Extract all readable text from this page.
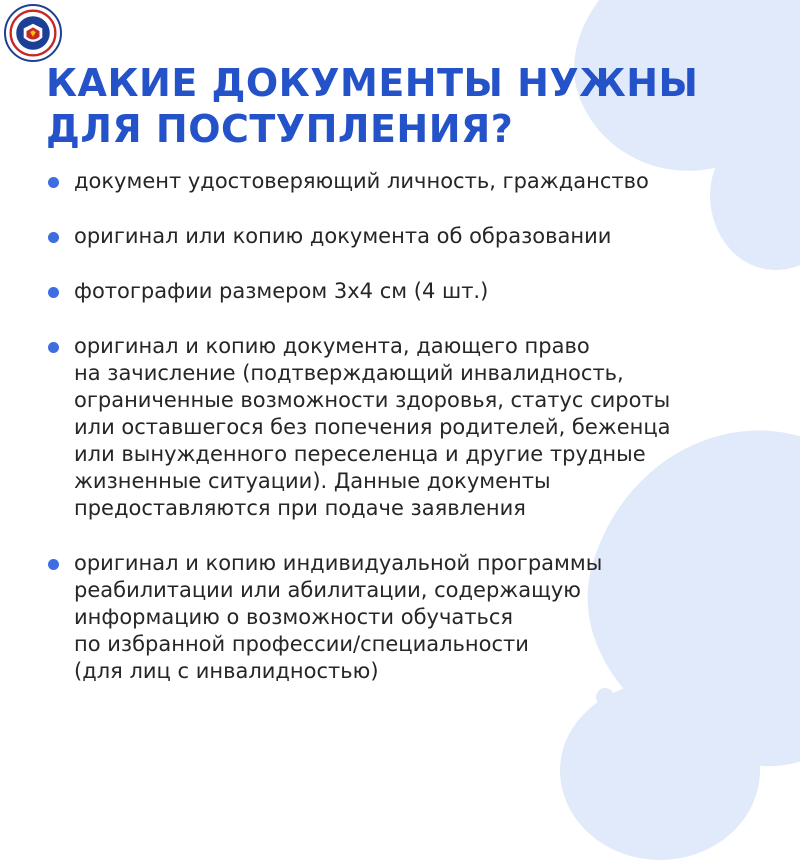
КАКИЕ ДОКУМЕНТЫ НУЖНЫ
ДЛЯ ПОСТУПЛЕНИЯ?
документ удостоверяющий личность, гражданство
оригинал или копию документа об образовании
фотографии размером 3х4 см (4 шт.)
оригинал и копию документа, дающего право
на зачисление (подтверждающий инвалидность,
ограниченные возможности здоровья, статус сироты
или оставшегося без попечения родителей, беженца
или вынужденного переселенца и другие трудные
жизненные ситуации). Данные документы
предоставляются при подаче заявления
оригинал и копию индивидуальной программы
реабилитации или абилитации, содержащую
информацию о возможности обучаться
по избранной профессии/специальности
(для лиц с инвалидностью)
